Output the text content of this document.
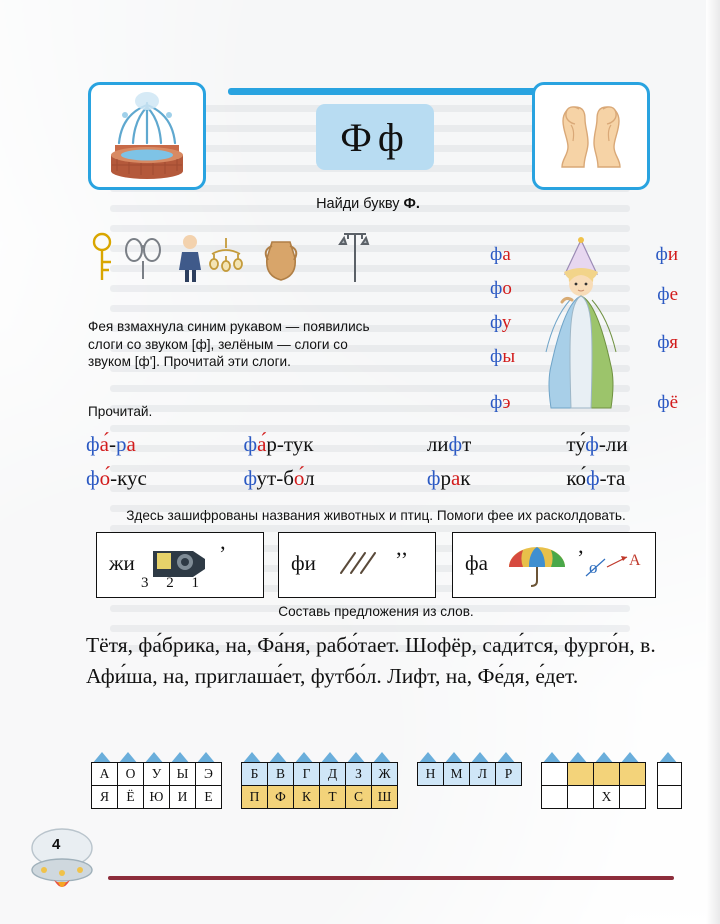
Ф ф
Найди букву Ф.
фа
фо
фу
фы
фэ
фи
фе
фя
фё
Фея взмахнула синим рукавом — появились слоги со звуком [ф], зелёным — слоги со звуком [ф']. Прочитай эти слоги.
Прочитай.
фа́-ра	фа́р-тук	лифт	ту́ф-ли
фо́-кус	фут-бо́л	фрак	ко́ф-та
Здесь зашифрованы названия животных и птиц. Помоги фее их расколдовать.
жи	’
3 2 1
фи	’’	фа	’ о А
Составь предложения из слов.
Тётя, фа́брика, на, Фа́ня, рабо́тает. Шофёр, сади́тся, фурго́н, в. Афи́ша, на, приглаша́ет, футбо́л. Лифт, на, Фе́дя, е́дет.
А	О	У	Ы	Э
Я	Ё	Ю	И	Е
Б	В	Г	Д	З	Ж
П	Ф	К	Т	С	Ш
Н	М	Л	Р

		Х	

4
